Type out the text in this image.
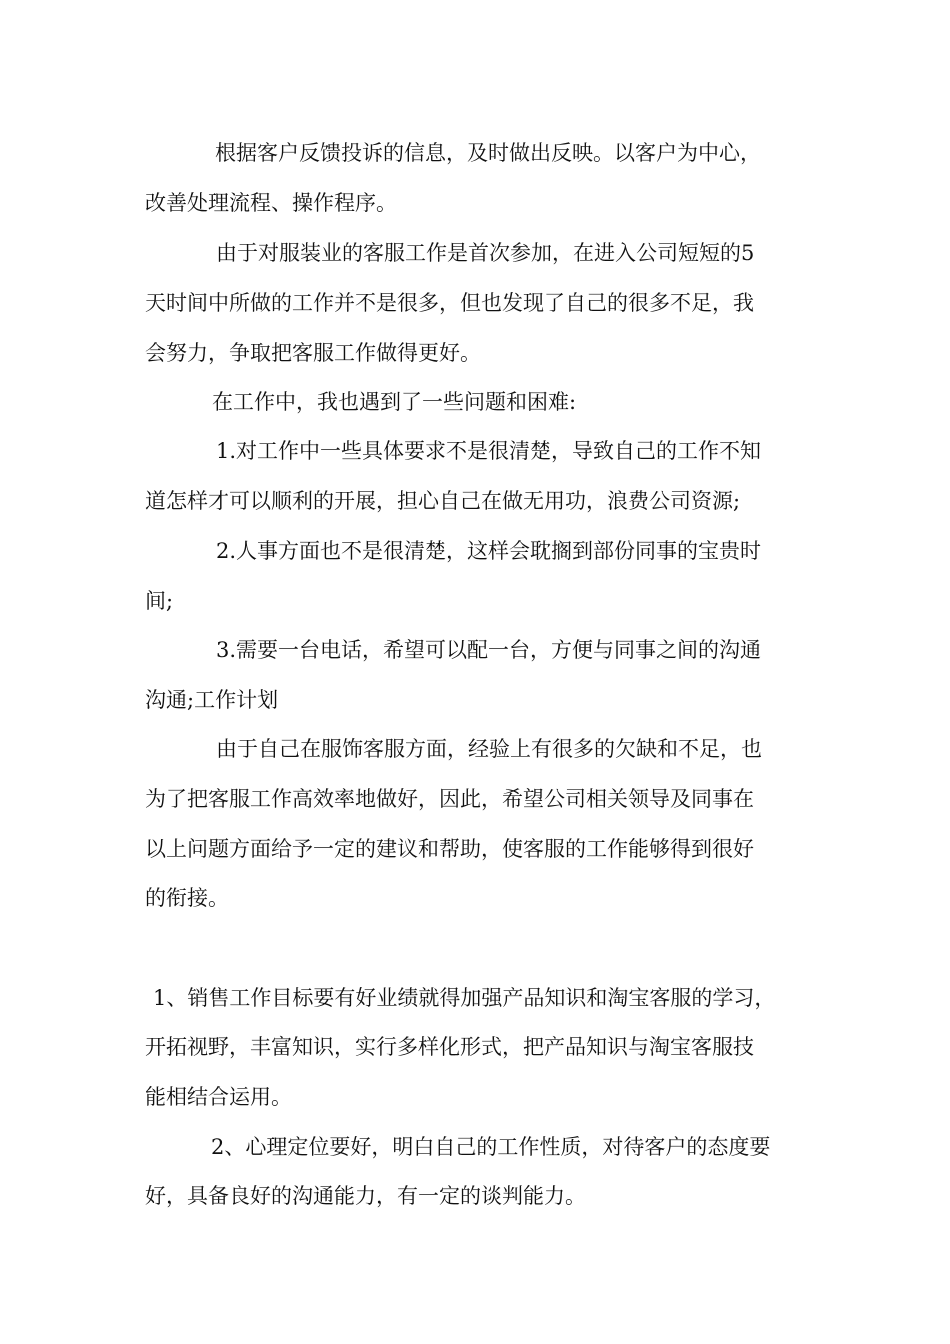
根据客户反馈投诉的信息，及时做出反映。以客户为中心，
改善处理流程、操作程序。
由于对服装业的客服工作是首次参加，在进入公司短短的5
天时间中所做的工作并不是很多，但也发现了自己的很多不足，我
会努力，争取把客服工作做得更好。
在工作中，我也遇到了一些问题和困难:
1.对工作中一些具体要求不是很清楚，导致自己的工作不知
道怎样才可以顺利的开展，担心自己在做无用功，浪费公司资源;
2.人事方面也不是很清楚，这样会耽搁到部份同事的宝贵时
间;
3.需要一台电话，希望可以配一台，方便与同事之间的沟通
沟通;工作计划
由于自己在服饰客服方面，经验上有很多的欠缺和不足，也
为了把客服工作高效率地做好，因此，希望公司相关领导及同事在
以上问题方面给予一定的建议和帮助，使客服的工作能够得到很好
的衔接。
1、销售工作目标要有好业绩就得加强产品知识和淘宝客服的学习，
开拓视野，丰富知识，实行多样化形式，把产品知识与淘宝客服技
能相结合运用。
2、心理定位要好，明白自己的工作性质，对待客户的态度要
好，具备良好的沟通能力，有一定的谈判能力。
